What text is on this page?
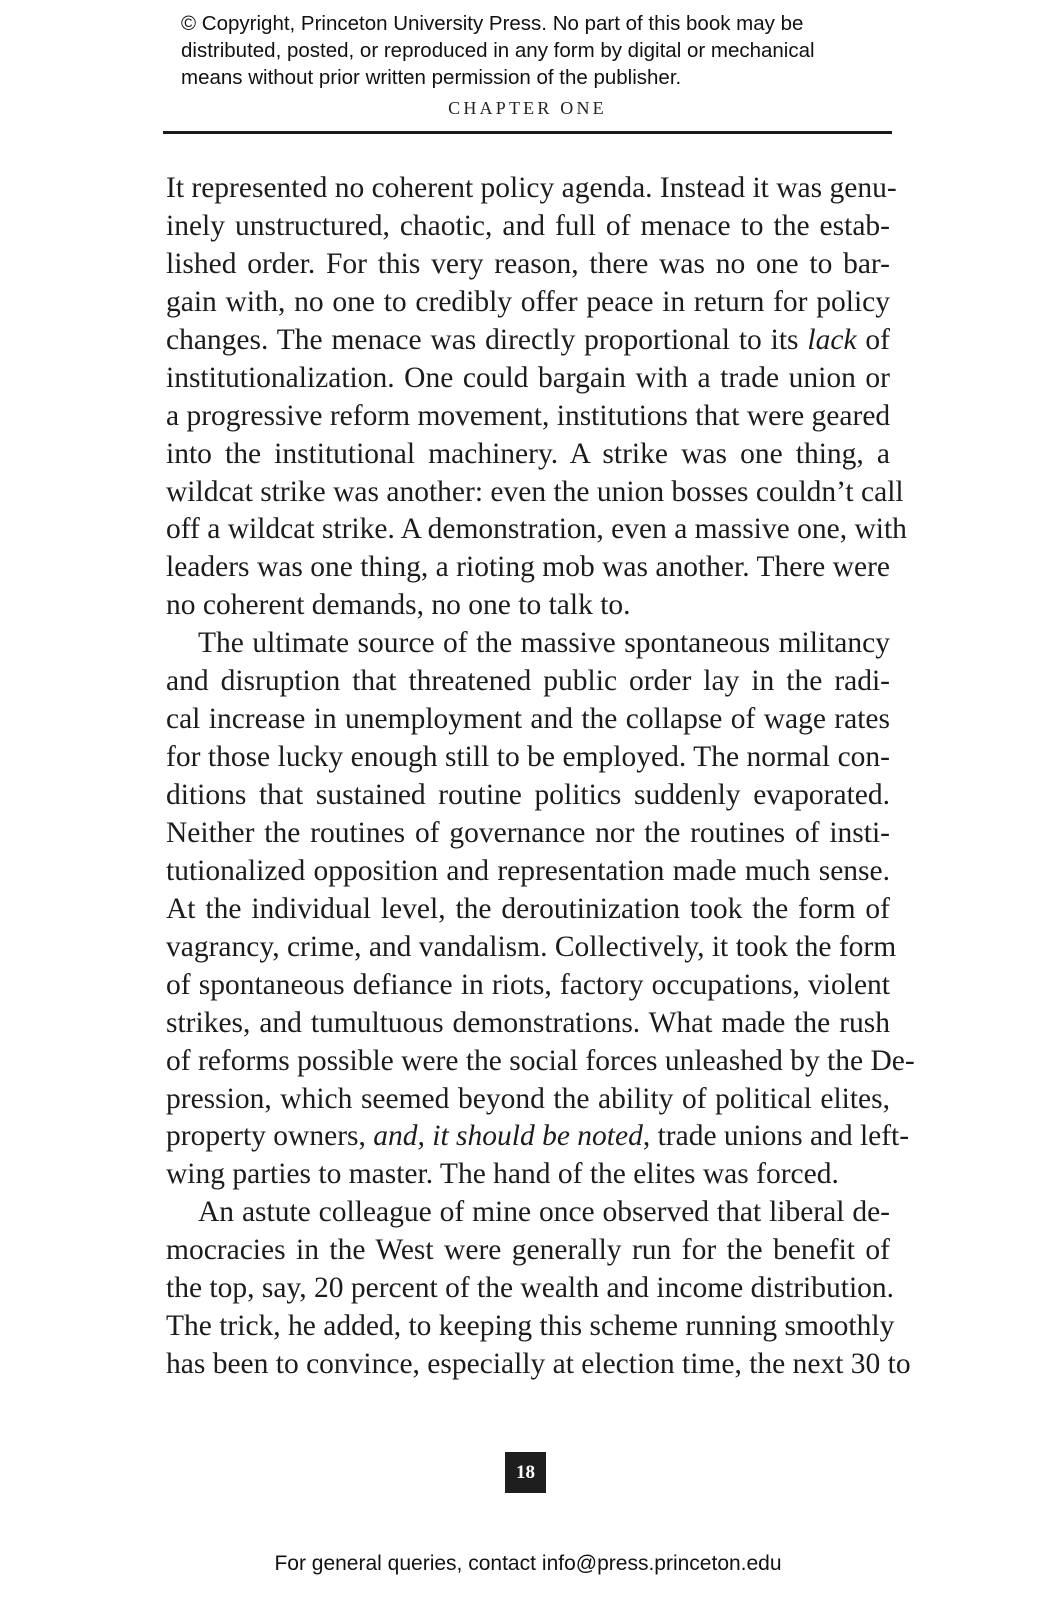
© Copyright, Princeton University Press. No part of this book may be
distributed, posted, or reproduced in any form by digital or mechanical
means without prior written permission of the publisher.
CHAPTER ONE
It represented no coherent policy agenda. Instead it was genu-
inely unstructured, chaotic, and full of menace to the estab-
lished order. For this very reason, there was no one to bar-
gain with, no one to credibly offer peace in return for policy
changes. The menace was directly proportional to its lack of
institutionalization. One could bargain with a trade union or
a progressive reform movement, institutions that were geared
into the institutional machinery. A strike was one thing, a
wildcat strike was another: even the union bosses couldn’t call
off a wildcat strike. A demonstration, even a massive one, with
leaders was one thing, a rioting mob was another. There were
no coherent demands, no one to talk to.
The ultimate source of the massive spontaneous militancy
and disruption that threatened public order lay in the radi-
cal increase in unemployment and the collapse of wage rates
for those lucky enough still to be employed. The normal con-
ditions that sustained routine politics suddenly evaporated.
Neither the routines of governance nor the routines of insti-
tutionalized opposition and representation made much sense.
At the individual level, the deroutinization took the form of
vagrancy, crime, and vandalism. Collectively, it took the form
of spontaneous defiance in riots, factory occupations, violent
strikes, and tumultuous demonstrations. What made the rush
of reforms possible were the social forces unleashed by the De-
pression, which seemed beyond the ability of political elites,
property owners, and, it should be noted, trade unions and left-
wing parties to master. The hand of the elites was forced.
An astute colleague of mine once observed that liberal de-
mocracies in the West were generally run for the benefit of
the top, say, 20 percent of the wealth and income distribution.
The trick, he added, to keeping this scheme running smoothly
has been to convince, especially at election time, the next 30 to
18
For general queries, contact info@press.princeton.edu
